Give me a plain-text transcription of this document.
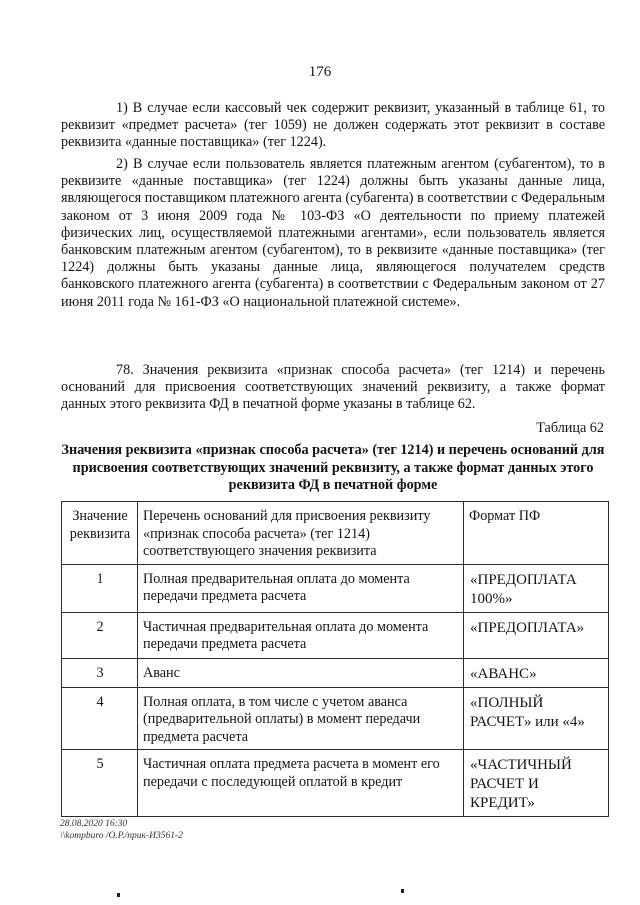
176

1) В случае если кассовый чек содержит реквизит, указанный в таблице 61, то реквизит «предмет расчета» (тег 1059) не должен содержать этот реквизит в составе реквизита «данные поставщика» (тег 1224).

2) В случае если пользователь является платежным агентом (субагентом), то в реквизите «данные поставщика» (тег 1224) должны быть указаны данные лица, являющегося поставщиком платежного агента (субагента) в соответствии с Федеральным законом от 3 июня 2009 года № 103-ФЗ «О деятельности по приему платежей физических лиц, осуществляемой платежными агентами», если пользователь является банковским платежным агентом (субагентом), то в реквизите «данные поставщика» (тег 1224) должны быть указаны данные лица, являющегося получателем средств банковского платежного агента (субагента) в соответствии с Федеральным законом от 27 июня 2011 года № 161-ФЗ «О национальной платежной системе».

78. Значения реквизита «признак способа расчета» (тег 1214) и перечень оснований для присвоения соответствующих значений реквизиту, а также формат данных этого реквизита ФД в печатной форме указаны в таблице 62.

Таблица 62

Значения реквизита «признак способа расчета» (тег 1214) и перечень оснований для присвоения соответствующих значений реквизиту, а также формат данных этого реквизита ФД в печатной форме

Значение реквизита	Перечень оснований для присвоения реквизиту «признак способа расчета» (тег 1214) соответствующего значения реквизита	Формат ПФ
1	Полная предварительная оплата до момента передачи предмета расчета	«ПРЕДОПЛАТА 100%»
2	Частичная предварительная оплата до момента передачи предмета расчета	«ПРЕДОПЛАТА»
3	Аванс	«АВАНС»
4	Полная оплата, в том числе с учетом аванса (предварительной оплаты) в момент передачи предмета расчета	«ПОЛНЫЙ РАСЧЕТ» или «4»
5	Частичная оплата предмета расчета в момент его передачи с последующей оплатой в кредит	«ЧАСТИЧНЫЙ РАСЧЕТ И КРЕДИТ»
28.08.2020 16:30
\\kompburo /O.P./npuк-И3561-2
